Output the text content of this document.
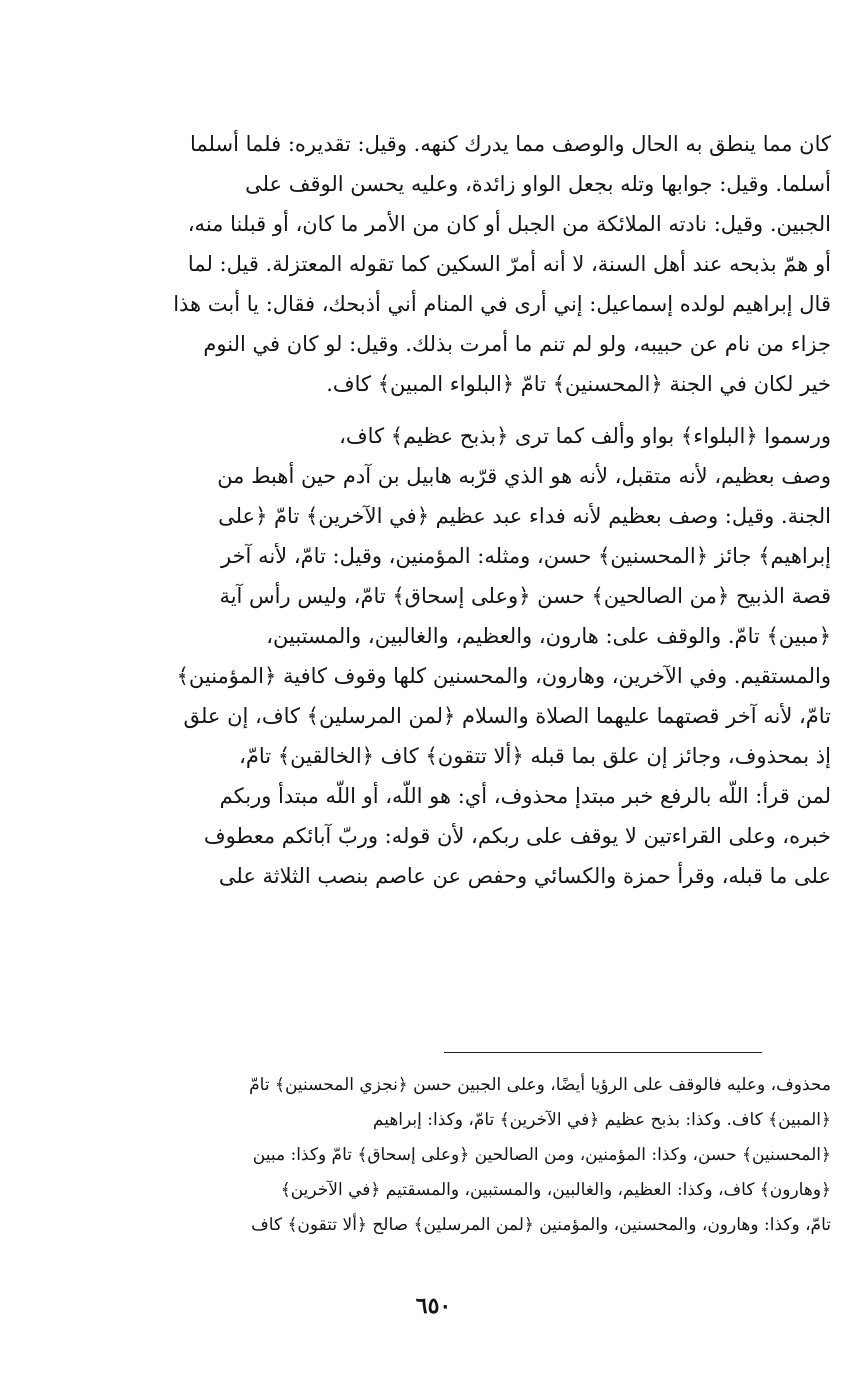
كان مما ينطق به الحال والوصف مما يدرك كنهه. وقيل: تقديره: فلما أسلما
أسلما. وقيل: جوابها وتله بجعل الواو زائدة، وعليه يحسن الوقف على
الجبين. وقيل: نادته الملائكة من الجبل أو كان من الأمر ما كان، أو قبلنا منه،
أو همّ بذبحه عند أهل السنة، لا أنه أمرّ السكين كما تقوله المعتزلة. قيل: لما
قال إبراهيم لولده إسماعيل: إني أرى في المنام أني أذبحك، فقال: يا أبت هذا
جزاء من نام عن حبيبه، ولو لم تنم ما أمرت بذلك. وقيل: لو كان في النوم
خير لكان في الجنة ﴿المحسنين﴾ تامّ ﴿البلواء المبين﴾ كاف.
ورسموا ﴿البلواء﴾ بواو وألف كما ترى ﴿بذبح عظيم﴾ كاف،
وصف بعظيم، لأنه متقبل، لأنه هو الذي قرّبه هابيل بن آدم حين أهبط من
الجنة. وقيل: وصف بعظيم لأنه فداء عبد عظيم ﴿في الآخرين﴾ تامّ ﴿على
إبراهيم﴾ جائز ﴿المحسنين﴾ حسن، ومثله: المؤمنين، وقيل: تامّ، لأنه آخر
قصة الذبيح ﴿من الصالحين﴾ حسن ﴿وعلى إسحاق﴾ تامّ، وليس رأس آية
﴿مبين﴾ تامّ. والوقف على: هارون، والعظيم، والغالبين، والمستبين،
والمستقيم. وفي الآخرين، وهارون، والمحسنين كلها وقوف كافية ﴿المؤمنين﴾
تامّ، لأنه آخر قصتهما عليهما الصلاة والسلام ﴿لمن المرسلين﴾ كاف، إن علق
إذ بمحذوف، وجائز إن علق بما قبله ﴿ألا تتقون﴾ كاف ﴿الخالقين﴾ تامّ،
لمن قرأ: اللّه بالرفع خبر مبتدإ محذوف، أي: هو اللّه، أو اللّه مبتدأ وربكم
خبره، وعلى القراءتين لا يوقف على ربكم، لأن قوله: وربّ آبائكم معطوف
على ما قبله، وقرأ حمزة والكسائي وحفص عن عاصم بنصب الثلاثة على
محذوف، وعليه فالوقف على الرؤيا أيضًا، وعلى الجبين حسن ﴿نجزي المحسنين﴾ تامّ
﴿المبين﴾ كاف. وكذا: بذبح عظيم ﴿في الآخرين﴾ تامّ، وكذا: إبراهيم
﴿المحسنين﴾ حسن، وكذا: المؤمنين، ومن الصالحين ﴿وعلى إسحاق﴾ تامّ وكذا: مبين
﴿وهارون﴾ كاف، وكذا: العظيم، والغالبين، والمستبين، والمسقتيم ﴿في الآخرين﴾
تامّ، وكذا: وهارون، والمحسنين، والمؤمنين ﴿لمن المرسلين﴾ صالح ﴿ألا تتقون﴾ كاف
٦٥٠
